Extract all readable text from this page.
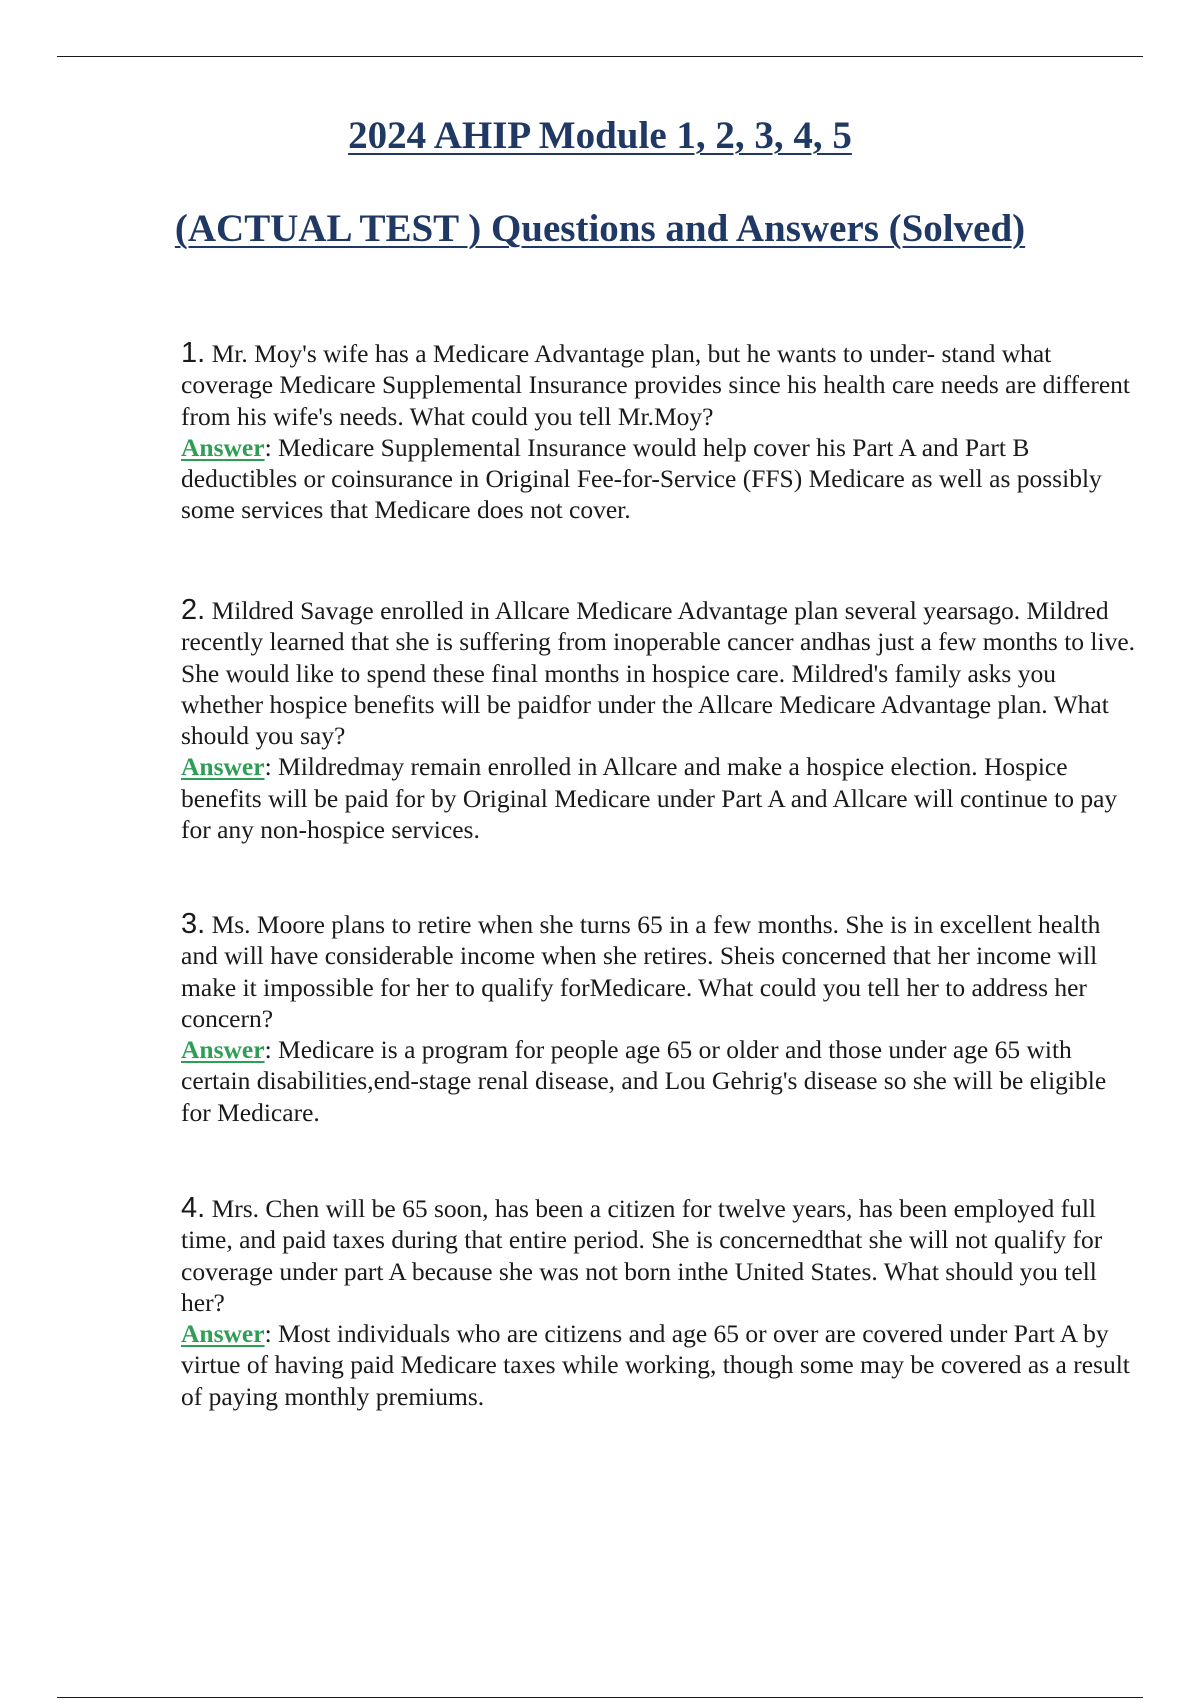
2024 AHIP Module 1, 2, 3, 4, 5
(ACTUAL TEST ) Questions and Answers (Solved)

1. Mr. Moy's wife has a Medicare Advantage plan, but he wants to under- stand what coverage Medicare Supplemental Insurance provides since his health care needs are different from his wife's needs. What could you tell Mr.Moy?

Answer: Medicare Supplemental Insurance would help cover his Part A and Part B deductibles or coinsurance in Original Fee-for-Service (FFS) Medicare as well as possibly some services that Medicare does not cover.

2. Mildred Savage enrolled in Allcare Medicare Advantage plan several yearsago. Mildred recently learned that she is suffering from inoperable cancer andhas just a few months to live. She would like to spend these final months in hospice care. Mildred's family asks you whether hospice benefits will be paidfor under the Allcare Medicare Advantage plan. What should you say?

Answer: Mildredmay remain enrolled in Allcare and make a hospice election. Hospice benefits will be paid for by Original Medicare under Part A and Allcare will continue to pay for any non-hospice services.

3. Ms. Moore plans to retire when she turns 65 in a few months. She is in excellent health and will have considerable income when she retires. Sheis concerned that her income will make it impossible for her to qualify forMedicare. What could you tell her to address her concern?

Answer: Medicare is a program for people age 65 or older and those under age 65 with certain disabilities,end-stage renal disease, and Lou Gehrig's disease so she will be eligible for Medicare.

4. Mrs. Chen will be 65 soon, has been a citizen for twelve years, has been employed full time, and paid taxes during that entire period. She is concernedthat she will not qualify for coverage under part A because she was not born inthe United States. What should you tell her?

Answer: Most individuals who are citizens and age 65 or over are covered under Part A by virtue of having paid Medicare taxes while working, though some may be covered as a result of paying monthly premiums.
